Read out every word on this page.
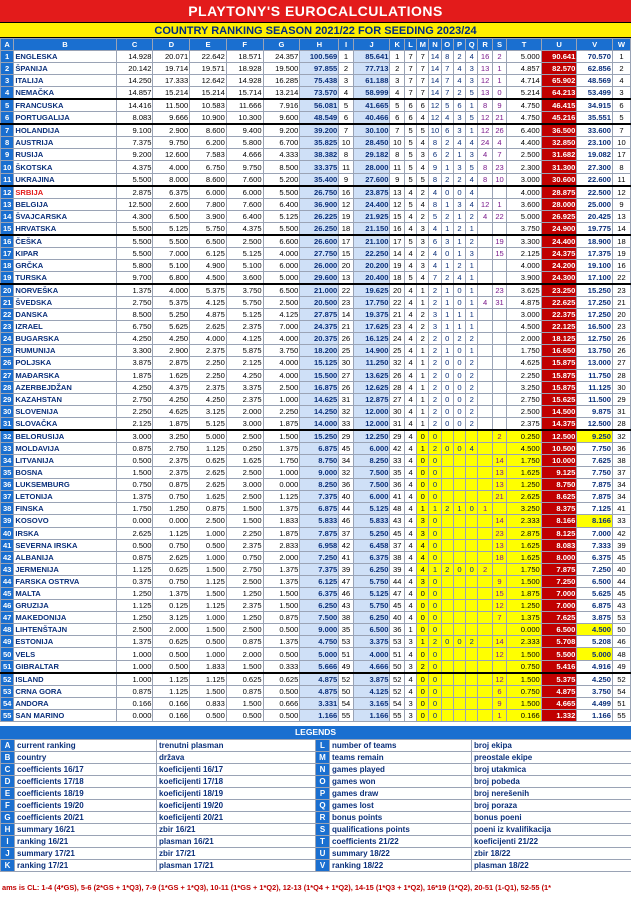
PLAYTONY'S EUROCALCULATIONS
COUNTRY RANKING SEASON 2021/22 FOR SEEDING 2023/24
A	B	C	D	E	F	G	H	I	J	K	L	M	N	O	P	Q	R	S	T	U	V	W
1	ENGLESKA	14.928	20.071	22.642	18.571	24.357	100.569	1	85.641	1	7	7	14	8	2	4	16	2	5.000	90.641	70.570	1
2	ŠPANIJA	20.142	19.714	19.571	18.928	19.500	97.855	2	77.713	2	7	7	14	7	4	3	13	1	4.857	82.570	62.856	2
3	ITALIJA	14.250	17.333	12.642	14.928	16.285	75.438	3	61.188	3	7	7	14	7	4	3	12	1	4.714	65.902	48.569	4
4	NEMAČKA	14.857	15.214	15.214	15.714	13.214	73.570	4	58.999	4	7	7	14	7	2	5	13	0	5.214	64.213	53.499	3
5	FRANCUSKA	14.416	11.500	10.583	11.666	7.916	56.081	5	41.665	5	6	6	12	5	6	1	8	9	4.750	46.415	34.915	6
6	PORTUGALIJA	8.083	9.666	10.900	10.300	9.600	48.549	6	40.466	6	6	4	12	4	3	5	12	21	4.750	45.216	35.551	5
7	HOLANDIJA	9.100	2.900	8.600	9.400	9.200	39.200	7	30.100	7	5	5	10	6	3	1	12	26	6.400	36.500	33.600	7
8	AUSTRIJA	7.375	9.750	6.200	5.800	6.700	35.825	10	28.450	10	5	4	8	2	4	4	24	4	4.400	32.850	23.100	10
9	RUSIJA	9.200	12.600	7.583	4.666	4.333	38.382	8	29.182	8	5	3	6	2	1	3	4	7	2.500	31.682	19.082	17
10	ŠKOTSKA	4.375	4.000	6.750	9.750	8.500	33.375	11	28.000	11	5	4	9	1	3	5	8	23	2.300	31.300	27.300	8
11	UKRAJINA	5.500	8.000	8.600	7.600	5.200	35.400	9	27.600	9	5	5	8	2	2	4	8	10	3.000	30.600	22.600	11
12	SRBIJA	2.875	6.375	6.000	6.000	5.500	26.750	16	23.875	13	4	2	4	0	0	4			4.000	28.875	22.500	12
13	BELGIJA	12.500	2.600	7.800	7.600	6.400	36.900	12	24.400	12	5	4	8	1	3	4	12	1	3.600	28.000	25.000	9
14	ŠVAJCARSKA	4.300	6.500	3.900	6.400	5.125	26.225	19	21.925	15	4	2	5	2	1	2	4	22	5.000	26.925	20.425	13
15	HRVATSKA	5.500	5.125	5.750	4.375	5.500	26.250	18	21.150	16	4	3	4	1	2	1			3.750	24.900	19.775	14
16	ČEŠKA	5.500	5.500	6.500	2.500	6.600	26.600	17	21.100	17	5	3	6	3	1	2		19	3.300	24.400	18.900	18
17	KIPAR	5.500	7.000	6.125	5.125	4.000	27.750	15	22.250	14	4	2	4	0	1	3		15	2.125	24.375	17.375	19
18	GRČKA	5.800	5.100	4.900	5.100	6.000	26.000	20	20.200	19	4	3	4	1	2	1			4.000	24.200	19.100	16
19	TURSKA	9.700	6.800	4.500	3.600	5.000	29.600	13	20.400	18	5	4	7	2	4	1			3.900	24.300	17.100	22
20	NORVEŠKA	1.375	4.000	5.375	3.750	6.500	21.000	22	19.625	20	4	1	2	1	0	1		23	3.625	23.250	15.250	23
21	ŠVEDSKA	2.750	5.375	4.125	5.750	2.500	20.500	23	17.750	22	4	1	2	1	0	1	4	31	4.875	22.625	17.250	21
22	DANSKA	8.500	5.250	4.875	5.125	4.125	27.875	14	19.375	21	4	2	3	1	1	1			3.000	22.375	17.250	20
23	IZRAEL	6.750	5.625	2.625	2.375	7.000	24.375	21	17.625	23	4	2	3	1	1	1			4.500	22.125	16.500	23
24	BUGARSKA	4.250	4.250	4.000	4.125	4.000	20.375	26	16.125	24	4	2	2	0	2	2			2.000	18.125	12.750	26
25	RUMUNIJA	3.300	2.900	2.375	5.875	3.750	18.200	25	14.900	25	4	1	2	1	0	1			1.750	16.650	13.750	26
26	POLJSKA	3.875	2.875	2.250	2.125	4.000	15.125	30	11.250	32	4	1	2	0	0	2			4.625	15.875	13.000	27
27	MAĐARSKA	1.875	1.625	2.250	4.250	4.000	15.500	27	13.625	26	4	1	2	0	0	2			2.250	15.875	11.750	28
28	AZERBEJDŽAN	4.250	4.375	2.375	3.375	2.500	16.875	26	12.625	28	4	1	2	0	0	2			3.250	15.875	11.125	30
29	KAZAHSTAN	2.750	4.250	4.250	2.375	1.000	14.625	31	12.875	27	4	1	2	0	0	2			2.750	15.625	11.500	29
30	SLOVENIJA	2.250	4.625	3.125	2.000	2.250	14.250	32	12.000	30	4	1	2	0	0	2			2.500	14.500	9.875	31
31	SLOVAČKA	2.125	1.875	5.125	3.000	1.875	14.000	33	12.000	31	4	1	2	0	0	2			2.375	14.375	12.500	28
32	BELORUSIJA	3.000	3.250	5.000	2.500	1.500	15.250	29	12.250	29	4	0	0					2	0.250	12.500	9.250	32
33	MOLDAVIJA	0.875	2.750	1.125	0.250	1.375	6.875	45	6.000	42	4	1	2	0	0	4			4.500	10.500	7.750	36
34	LITVANIJA	0.500	2.375	0.625	1.625	1.750	8.750	34	8.250	33	4	0	0					14	1.750	10.000	7.625	38
35	BOSNA	1.500	2.375	2.625	2.500	1.000	9.000	32	7.500	35	4	0	0					13	1.625	9.125	7.750	37
36	LUKSEMBURG	0.750	0.875	2.625	3.000	0.000	8.250	36	7.500	36	4	0	0					13	1.250	8.750	7.875	34
37	LETONIJA	1.375	0.750	1.625	2.500	1.125	7.375	40	6.000	41	4	0	0					21	2.625	8.625	7.875	34
38	FINSKA	1.750	1.250	0.875	1.500	1.375	6.875	44	5.125	48	4	1	1	2	1	0	1		3.250	8.375	7.125	41
39	KOSOVO	0.000	0.000	2.500	1.500	1.833	5.833	46	5.833	43	4	3	0					14	2.333	8.166	8.166	33
40	IRSKA	2.625	1.125	1.000	2.250	1.875	7.875	37	5.250	45	4	3	0					23	2.875	8.125	7.000	42
41	SEVERNA IRSKA	0.500	0.750	0.500	2.375	2.833	6.958	42	6.458	37	4	4	0					13	1.625	8.083	7.333	39
42	ALBANIJA	0.875	2.625	1.000	0.750	2.000	7.250	41	6.375	38	4	4	0					18	1.625	8.000	6.375	45
43	JERMENIJA	1.125	0.625	1.500	2.750	1.375	7.375	39	6.250	39	4	4	1	2	0	0	2		1.750	7.875	7.250	40
44	FARSKA OSTRVA	0.375	0.750	1.125	2.500	1.375	6.125	47	5.750	44	4	3	0					9	1.500	7.250	6.500	44
45	MALTA	1.250	1.375	1.500	1.250	1.500	6.375	46	5.125	47	4	0	0					15	1.875	7.000	5.625	45
46	GRUZIJA	1.125	0.125	1.125	2.375	1.500	6.250	43	5.750	45	4	0	0					12	1.250	7.000	6.875	43
47	MAKEDONIJA	1.250	3.125	1.000	1.250	0.875	7.500	38	6.250	40	4	0	0					7	1.375	7.625	3.875	53
48	LIHTENŠTAJN	2.500	2.000	1.500	2.500	0.500	9.000	35	6.500	36	1	0	0						0.000	6.500	4.500	50
49	ESTONIJA	1.375	0.625	0.500	0.875	1.375	4.750	53	3.375	53	3	1	2	0	0	2		14	2.333	5.708	5.208	46
50	VELS	1.000	0.500	1.000	2.000	0.500	5.000	51	4.000	51	4	0	0					12	1.500	5.500	5.000	48
51	GIBRALTAR	1.000	0.500	1.833	1.500	0.333	5.666	49	4.666	50	3	2	0						0.750	5.416	4.916	49
52	ISLAND	1.000	1.125	1.125	0.625	0.625	4.875	52	3.875	52	4	0	0					12	1.500	5.375	4.250	52
53	CRNA GORA	0.875	1.125	1.500	0.875	0.500	4.875	50	4.125	52	4	0	0					6	0.750	4.875	3.750	54
54	ANDORA	0.166	0.166	0.833	1.500	0.666	3.331	54	3.165	54	3	0	0					9	1.500	4.665	4.499	51
55	SAN MARINO	0.000	0.166	0.500	0.500	0.500	1.166	55	1.166	55	3	0	0					1	0.166	1.332	1.166	55
LEGENDS
A	current ranking	trenutni plasman	L	number of teams	broj ekipa
B	country	država	M	teams remain	preostale ekipe
C	coefficients 16/17	koeficijenti 16/17	N	games played	broj utakmica
D	coefficients 17/18	koeficijenti 17/18	O	games won	broj pobeda
E	coefficients 18/19	koeficijenti 18/19	P	games draw	broj nerešenih
F	coefficients 19/20	koeficijenti 19/20	Q	games lost	broj poraza
G	coefficients 20/21	koeficijenti 20/21	R	bonus points	bonus poeni
H	summary 16/21	zbir 16/21	S	qualifications points	poeni iz kvalifikacija
I	ranking 16/21	plasman 16/21	T	coefficients 21/22	koeficijenti 21/22
J	summary 17/21	zbir 17/21	U	summary 18/22	zbir 18/22
K	ranking 17/21	plasman 17/21	V	ranking 18/22	plasman 18/22
ams is CL: 1-4 (4*GS), 5-6 (2*GS + 1*Q3), 7-9 (1*GS + 1*Q3), 10-11 (1*GS + 1*Q2), 12-13 (1*Q4 + 1*Q2), 14-15 (1*Q3 + 1*Q2), 16*19 (1*Q2), 20-51 (1-Q1), 52-55 (1*
